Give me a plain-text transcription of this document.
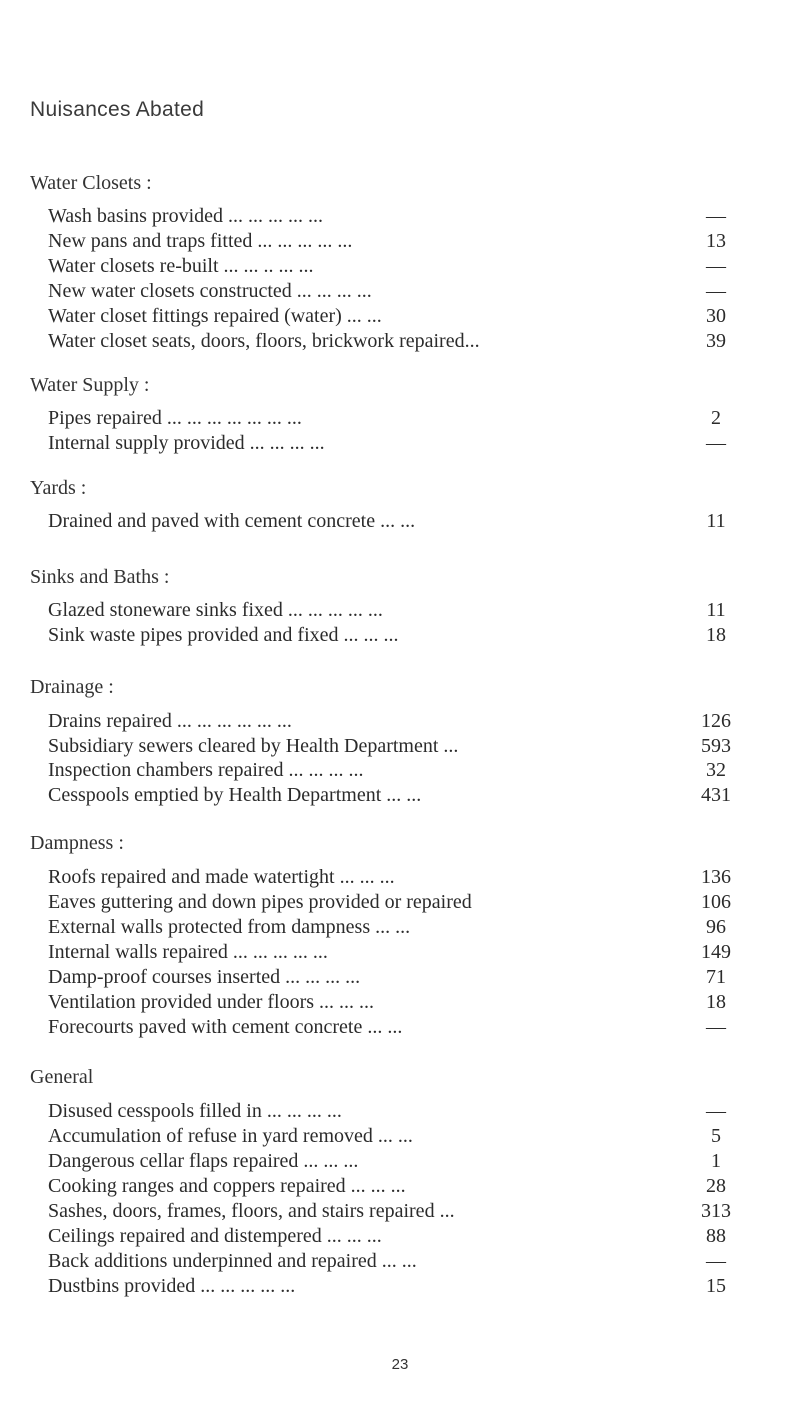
Nuisances Abated
Water Closets :
Wash basins provided ... ... ... ... ...	—
New pans and traps fitted ... ... ... ... ...	13
Water closets re-built ... ... .. ... ...	—
New water closets constructed ... ... ... ...	—
Water closet fittings repaired (water) ... ...	30
Water closet seats, doors, floors, brickwork repaired...	39
Water Supply :
Pipes repaired ... ... ... ... ... ... ...	2
Internal supply provided ... ... ... ...	—
Yards :
Drained and paved with cement concrete ... ...	11
Sinks and Baths :
Glazed stoneware sinks fixed ... ... ... ... ...	11
Sink waste pipes provided and fixed ... ... ...	18
Drainage :
Drains repaired ... ... ... ... ... ...	126
Subsidiary sewers cleared by Health Department ...	593
Inspection chambers repaired ... ... ... ...	32
Cesspools emptied by Health Department ... ...	431
Dampness :
Roofs repaired and made watertight ... ... ...	136
Eaves guttering and down pipes provided or repaired	106
External walls protected from dampness ... ...	96
Internal walls repaired ... ... ... ... ...	149
Damp-proof courses inserted ... ... ... ...	71
Ventilation provided under floors ... ... ...	18
Forecourts paved with cement concrete ... ...	—
General
Disused cesspools filled in ... ... ... ...	—
Accumulation of refuse in yard removed ... ...	5
Dangerous cellar flaps repaired ... ... ...	1
Cooking ranges and coppers repaired ... ... ...	28
Sashes, doors, frames, floors, and stairs repaired ...	313
Ceilings repaired and distempered ... ... ...	88
Back additions underpinned and repaired ... ...	—
Dustbins provided ... ... ... ... ...	15
23
